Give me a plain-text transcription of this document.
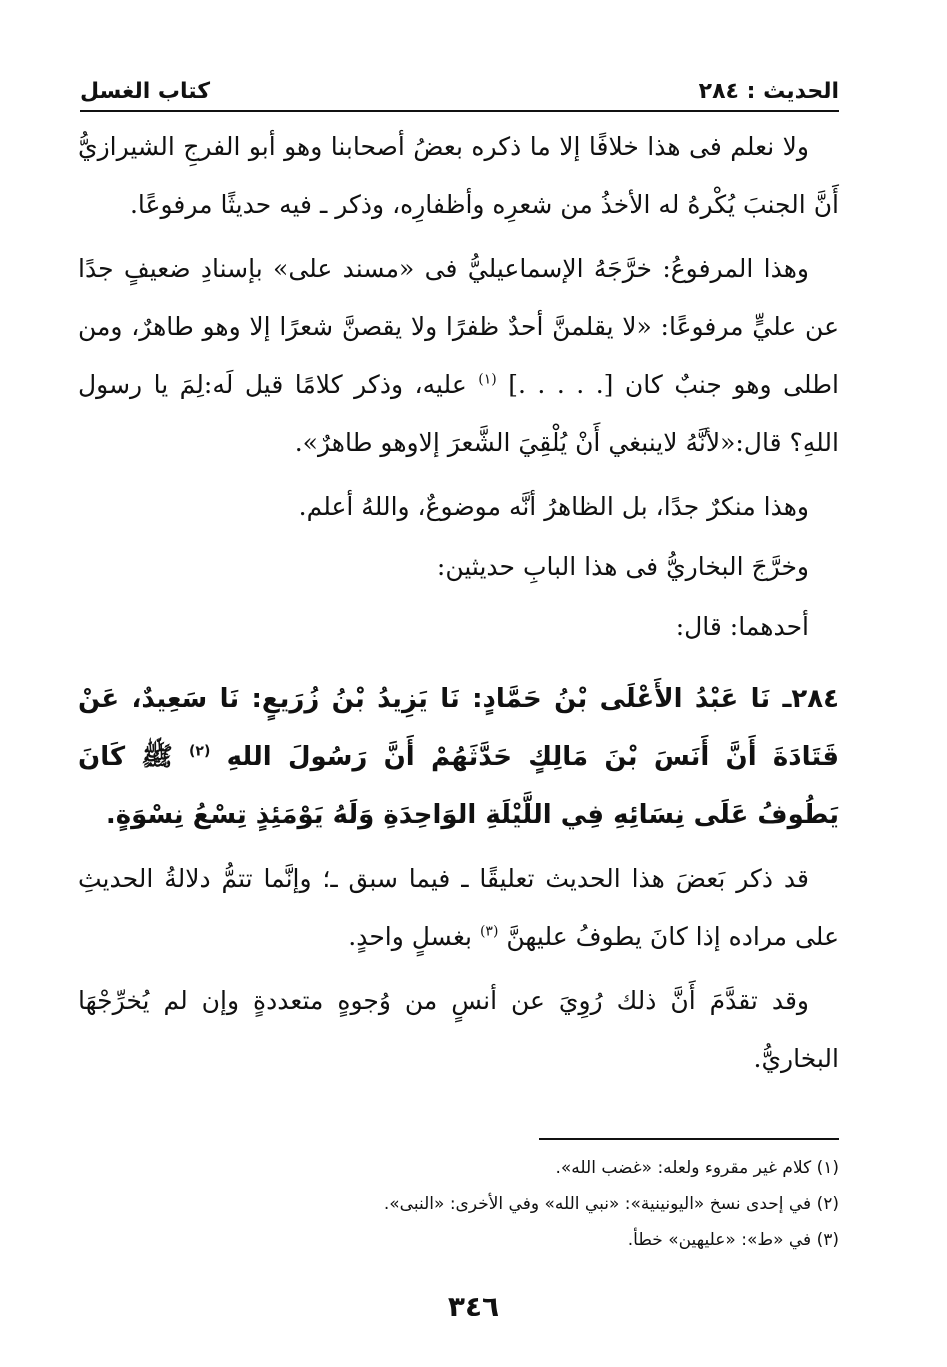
كتاب الغسل	الحديث : ٢٨٤

ولا نعلم فى هذا خلافًا إلا ما ذكره بعضُ أصحابنا وهو أبو الفرجِ الشيرازيُّ أَنَّ الجنبَ يُكْرهُ له الأخذُ من شعرِه وأظفارِه، وذكر ـ فيه حديثًا مرفوعًا.

وهذا المرفوعُ: خرَّجَهُ الإسماعيليُّ فى «مسند على» بإسنادِ ضعيفٍ جدًا عن عليٍّ مرفوعًا: «لا يقلمنَّ أحدٌ ظفرًا ولا يقصنَّ شعرًا إلا وهو طاهرٌ، ومن اطلى وهو جنبٌ كان [. . . . .] $^{(١)}$ عليه، وذكر كلامًا قيل لَه:لِمَ يا رسول اللهِ؟ قال:«لأنَّهُ لاينبغي أَنْ يُلْقِيَ الشَّعرَ إلاوهو طاهرٌ».

وهذا منكرٌ جدًا، بل الظاهرُ أنَّه موضوعٌ، واللهُ أعلم.

وخرَّجَ البخاريُّ فى هذا البابِ حديثين:

أحدهما: قال:

٢٨٤ـ نَا عَبْدُ الأَعْلَى بْنُ حَمَّادٍ: نَا يَزِيدُ بْنُ زُرَيعٍ: نَا سَعِيدٌ، عَنْ قَتَادَةَ أَنَّ أَنَسَ بْنَ مَالِكٍ حَدَّثَهُمْ أَنَّ رَسُولَ اللهِ $^{(٢)}$ ﷺ كَانَ يَطُوفُ عَلَى نِسَائِهِ فِي اللَّيْلَةِ الوَاحِدَةِ وَلَهُ يَوْمَئِذٍ تِسْعُ نِسْوَةٍ.

قد ذكر بَعضَ هذا الحديث تعليقًا ـ فيما سبق ـ؛ وإنَّما تتمُّ دلالةُ الحديثِ على مراده إذا كانَ يطوفُ عليهنَّ $^{(٣)}$ بغسلٍ واحدٍ.

وقد تقدَّمَ أَنَّ ذلك رُوِيَ عن أنسٍ من وُجوهٍ متعددةٍ وإن لم يُخرِّجْهَا البخاريُّ.

(١) كلام غير مقروء ولعله: «غضب الله».

(٢) في إحدى نسخ «اليونينية»: «نبي الله» وفي الأخرى: «النبى».

(٣) في «ط»: «عليهين» خطأ.

٣٤٦
